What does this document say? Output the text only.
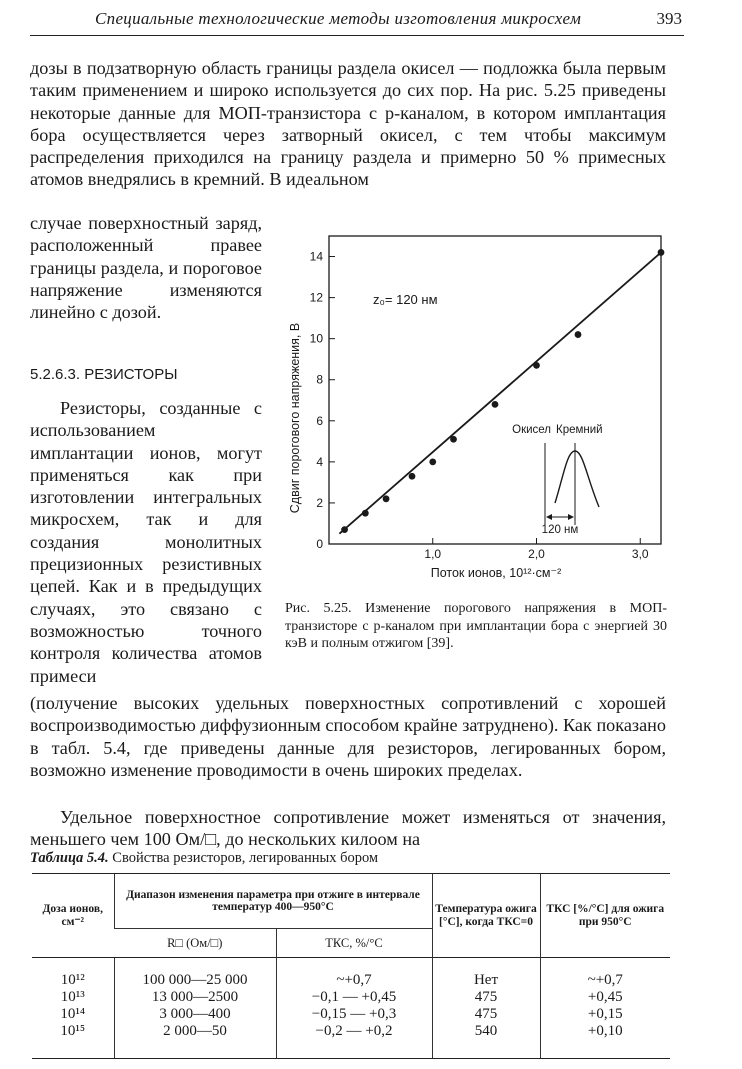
Специальные технологические методы изготовления микросхем	393

дозы в подзатворную область границы раздела окисел — подложка была первым таким применением и широко используется до сих пор. На рис. 5.25 приведены некоторые данные для МОП-транзистора с p-каналом, в котором имплантация бора осуществляется через затворный окисел, с тем чтобы максимум распределения приходился на границу раздела и примерно 50 % примесных атомов внедрялись в кремний. В идеальном

случае поверхностный заряд, расположенный правее границы раздела, и пороговое напряжение изменяются линейно с дозой.

5.2.6.3. РЕЗИСТОРЫ

Резисторы, созданные с использованием имплантации ионов, могут применяться как при изготовлении интегральных микросхем, так и для создания монолитных прецизионных резистивных цепей. Как и в предыдущих случаях, это связано с возможностью точного контроля количества атомов примеси

(получение высоких удельных поверхностных сопротивлений с хорошей воспроизводимостью диффузионным способом крайне затруднено). Как показано в табл. 5.4, где приведены данные для резисторов, легированных бором, возможно изменение проводимости в очень широких пределах.

Удельное поверхностное сопротивление может изменяться от значения, меньшего чем 100 Ом/□, до нескольких килоом на

Сдвиг порогового напряжения, В
Поток ионов, 10¹²·см⁻²
z₀= 120 нм
0
2
4
6
8
10
12
14
1,0	2,0	3,0
Окисел Кремний
120 нм

Рис. 5.25. Изменение порогового напряжения в МОП-транзисторе с p-каналом при имплантации бора с энергией 30 кэВ и полным отжигом [39].

Таблица 5.4. Свойства резисторов, легированных бором
Доза ионов, см⁻²	Диапазон изменения параметра при отжиге в интервале температур 400—950°С		Температура ожига [°С], когда ТКС=0	ТКС [%/°С] для ожига при 950°С
	R□ (Ом/□)	ТКС, %/°С		
10¹²	100 000—25 000	~+0,7	Нет	~+0,7
10¹³	13 000—2500	−0,1 — +0,45	475	+0,45
10¹⁴	3 000—400	−0,15 — +0,3	475	+0,15
10¹⁵	2 000—50	−0,2 — +0,2	540	+0,10
